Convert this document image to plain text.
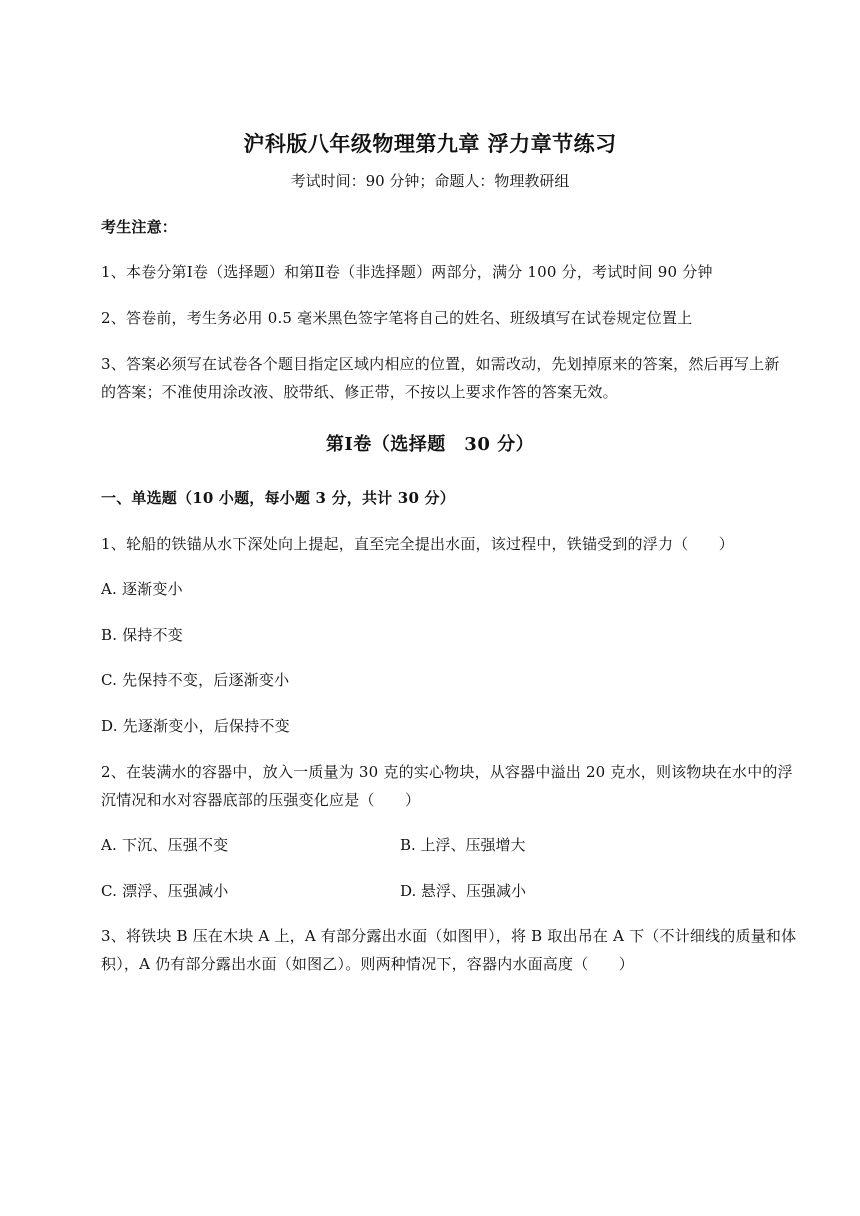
沪科版八年级物理第九章 浮力章节练习
考试时间：90 分钟；命题人：物理教研组
考生注意：
1、本卷分第Ⅰ卷（选择题）和第Ⅱ卷（非选择题）两部分，满分 100 分，考试时间 90 分钟
2、答卷前，考生务必用 0.5 毫米黑色签字笔将自己的姓名、班级填写在试卷规定位置上
3、答案必须写在试卷各个题目指定区域内相应的位置，如需改动，先划掉原来的答案，然后再写上新
的答案；不准使用涂改液、胶带纸、修正带，不按以上要求作答的答案无效。
第Ⅰ卷（选择题　30 分）
一、单选题（10 小题，每小题 3 分，共计 30 分）
1、轮船的铁锚从水下深处向上提起，直至完全提出水面，该过程中，铁锚受到的浮力（　　）
A. 逐渐变小
B. 保持不变
C. 先保持不变，后逐渐变小
D. 先逐渐变小，后保持不变
2、在装满水的容器中，放入一质量为 30 克的实心物块，从容器中溢出 20 克水，则该物块在水中的浮
沉情况和水对容器底部的压强变化应是（　　）
A. 下沉、压强不变	B. 上浮、压强增大
C. 漂浮、压强减小	D. 悬浮、压强减小
3、将铁块 B 压在木块 A 上，A 有部分露出水面（如图甲），将 B 取出吊在 A 下（不计细线的质量和体
积），A 仍有部分露出水面（如图乙）。则两种情况下，容器内水面高度（　　）
